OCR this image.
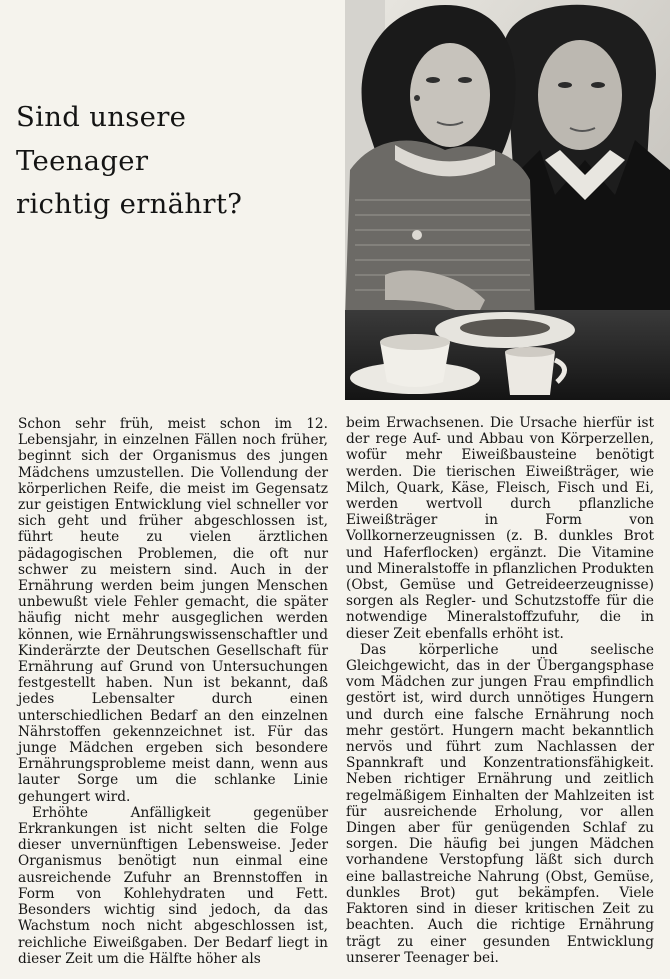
Sind unsere
Teenager
richtig ernährt?

Schon sehr früh, meist schon im 12. Lebensjahr, in einzelnen Fällen noch früher, beginnt sich der Organismus des jungen Mädchens umzustellen. Die Vollendung der körperlichen Reife, die meist im Gegensatz zur geistigen Entwicklung viel schneller vor sich geht und früher abgeschlossen ist, führt heute zu vielen ärztlichen pädagogischen Problemen, die oft nur schwer zu meistern sind. Auch in der Ernährung werden beim jungen Menschen unbewußt viele Fehler gemacht, die später häufig nicht mehr ausgeglichen werden können, wie Ernährungswissenschaftler und Kinderärzte der Deutschen Gesellschaft für Ernährung auf Grund von Untersuchungen festgestellt haben. Nun ist bekannt, daß jedes Lebensalter durch einen unterschiedlichen Bedarf an den einzelnen Nährstoffen gekennzeichnet ist. Für das junge Mädchen ergeben sich besondere Ernährungsprobleme meist dann, wenn aus lauter Sorge um die schlanke Linie gehungert wird.

Erhöhte Anfälligkeit gegenüber Erkrankungen ist nicht selten die Folge dieser unvernünftigen Lebensweise. Jeder Organismus benötigt nun einmal eine ausreichende Zufuhr an Brennstoffen in Form von Kohlehydraten und Fett. Besonders wichtig sind jedoch, da das Wachstum noch nicht abgeschlossen ist, reichliche Eiweißgaben. Der Bedarf liegt in dieser Zeit um die Hälfte höher als

beim Erwachsenen. Die Ursache hierfür ist der rege Auf- und Abbau von Körperzellen, wofür mehr Eiweißbausteine benötigt werden. Die tierischen Eiweißträger, wie Milch, Quark, Käse, Fleisch, Fisch und Ei, werden wertvoll durch pflanzliche Eiweißträger in Form von Vollkornerzeugnissen (z. B. dunkles Brot und Haferflocken) ergänzt. Die Vitamine und Mineralstoffe in pflanzlichen Produkten (Obst, Gemüse und Getreideerzeugnisse) sorgen als Regler- und Schutzstoffe für die notwendige Mineralstoffzufuhr, die in dieser Zeit ebenfalls erhöht ist.

Das körperliche und seelische Gleichgewicht, das in der Übergangsphase vom Mädchen zur jungen Frau empfindlich gestört ist, wird durch unnötiges Hungern und durch eine falsche Ernährung noch mehr gestört. Hungern macht bekanntlich nervös und führt zum Nachlassen der Spannkraft und Konzentrationsfähigkeit. Neben richtiger Ernährung und zeitlich regelmäßigem Einhalten der Mahlzeiten ist für ausreichende Erholung, vor allen Dingen aber für genügenden Schlaf zu sorgen. Die häufig bei jungen Mädchen vorhandene Verstopfung läßt sich durch eine ballastreiche Nahrung (Obst, Gemüse, dunkles Brot) gut bekämpfen. Viele Faktoren sind in dieser kritischen Zeit zu beachten. Auch die richtige Ernährung trägt zu einer gesunden Entwicklung unserer Teenager bei.
